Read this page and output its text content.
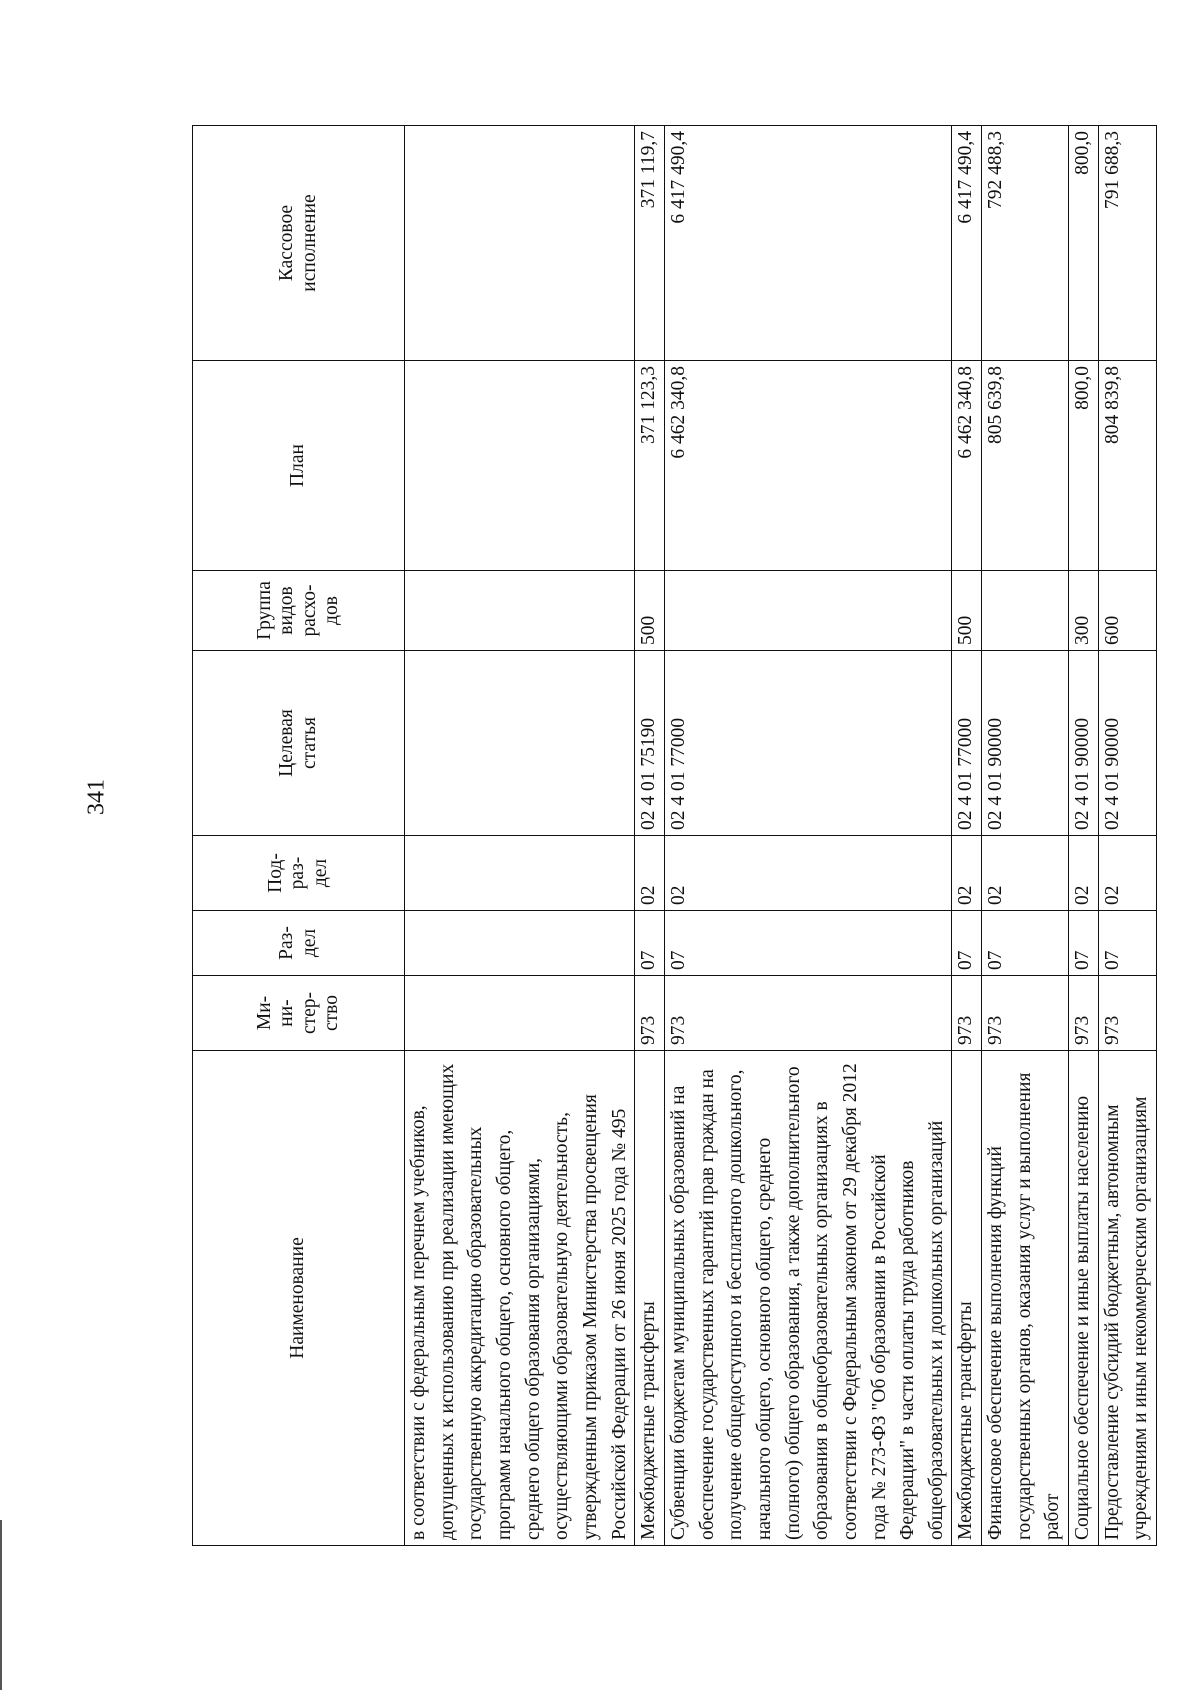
341
Наименование	Ми-
ни-
стер-
ство	Раз-
дел	Под-
раз-
дел	Целевая
статья	Группа
видов
расхо-
дов	План	Кассовое
исполнение
в соответствии с федеральным перечнем учебников, допущенных к использованию при реализации имеющих государственную аккредитацию образовательных программ начального общего, основного общего, среднего общего образования организациями, осуществляющими образовательную деятельность, утвержденным приказом Министерства просвещения Российской Федерации от 26 июня 2025 года № 495							
Межбюджетные трансферты	973	07	02	02 4 01 75190	500	371 123,3	371 119,7
Субвенции бюджетам муниципальных образований на обеспечение государственных гарантий прав граждан на получение общедоступного и бесплатного дошкольного, начального общего, основного общего, среднего (полного) общего образования, а также дополнительного образования в общеобразовательных организациях в соответствии с Федеральным законом от 29 декабря 2012 года № 273-ФЗ "Об образовании в Российской Федерации" в части оплаты труда работников общеобразовательных и дошкольных организаций	973	07	02	02 4 01 77000		6 462 340,8	6 417 490,4
Межбюджетные трансферты	973	07	02	02 4 01 77000	500	6 462 340,8	6 417 490,4
Финансовое обеспечение выполнения функций государственных органов, оказания услуг и выполнения работ	973	07	02	02 4 01 90000		805 639,8	792 488,3
Социальное обеспечение и иные выплаты населению	973	07	02	02 4 01 90000	300	800,0	800,0
Предоставление субсидий бюджетным, автономным учреждениям и иным некоммерческим организациям	973	07	02	02 4 01 90000	600	804 839,8	791 688,3
